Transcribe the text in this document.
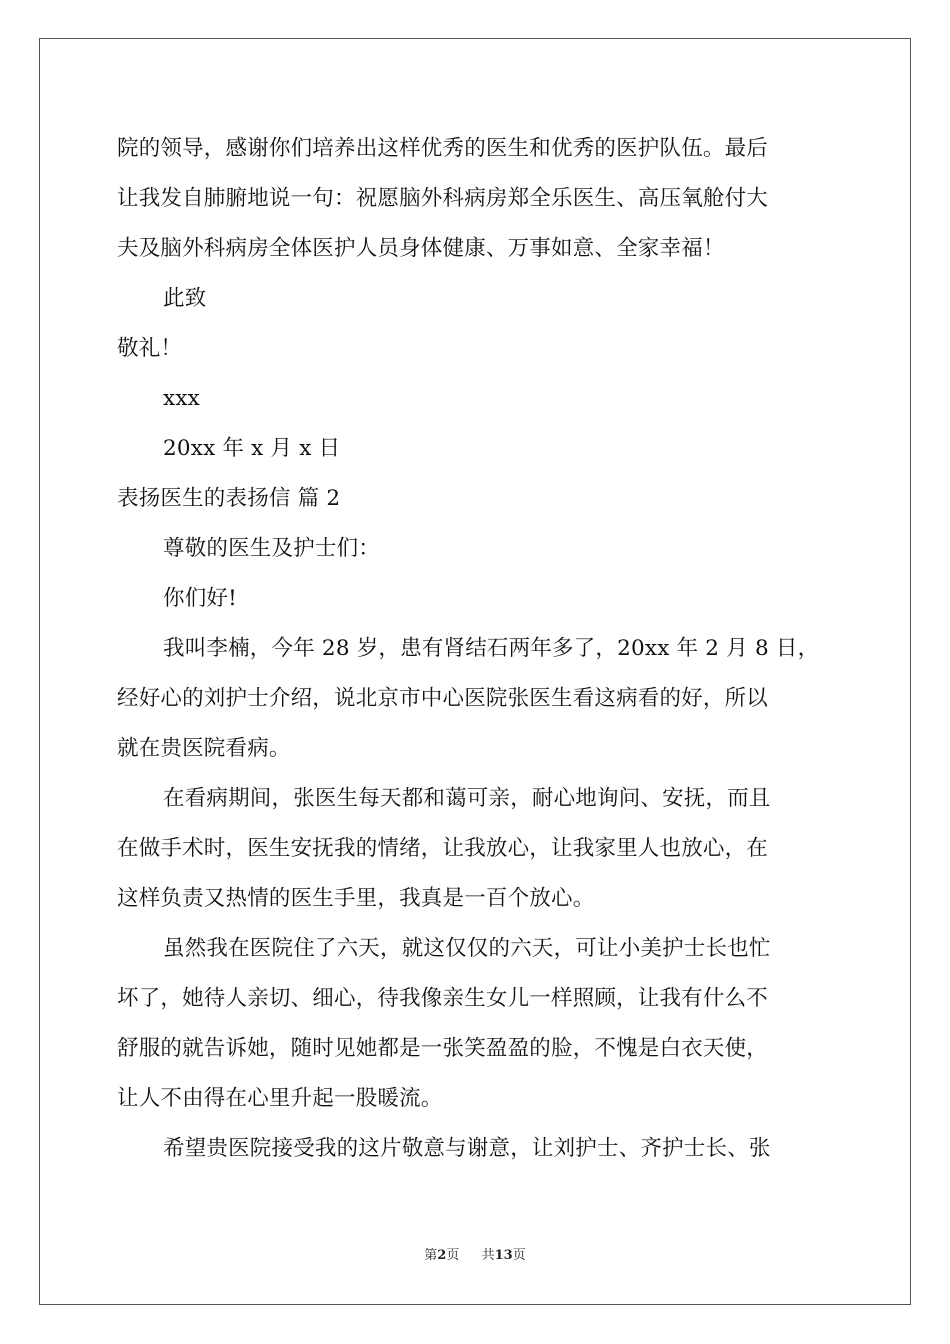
院的领导，感谢你们培养出这样优秀的医生和优秀的医护队伍。最后
让我发自肺腑地说一句：祝愿脑外科病房郑全乐医生、高压氧舱付大
夫及脑外科病房全体医护人员身体健康、万事如意、全家幸福！
此致
敬礼！
xxx
20xx 年 x 月 x 日
表扬医生的表扬信 篇 2
尊敬的医生及护士们：
你们好!
我叫李楠，今年 28 岁，患有肾结石两年多了，20xx 年 2 月 8 日，
经好心的刘护士介绍，说北京市中心医院张医生看这病看的好，所以
就在贵医院看病。
在看病期间，张医生每天都和蔼可亲，耐心地询问、安抚，而且
在做手术时，医生安抚我的情绪，让我放心，让我家里人也放心，在
这样负责又热情的医生手里，我真是一百个放心。
虽然我在医院住了六天，就这仅仅的六天，可让小美护士长也忙
坏了，她待人亲切、细心，待我像亲生女儿一样照顾，让我有什么不
舒服的就告诉她，随时见她都是一张笑盈盈的脸，不愧是白衣天使，
让人不由得在心里升起一股暖流。
希望贵医院接受我的这片敬意与谢意，让刘护士、齐护士长、张
第2页 共13页
